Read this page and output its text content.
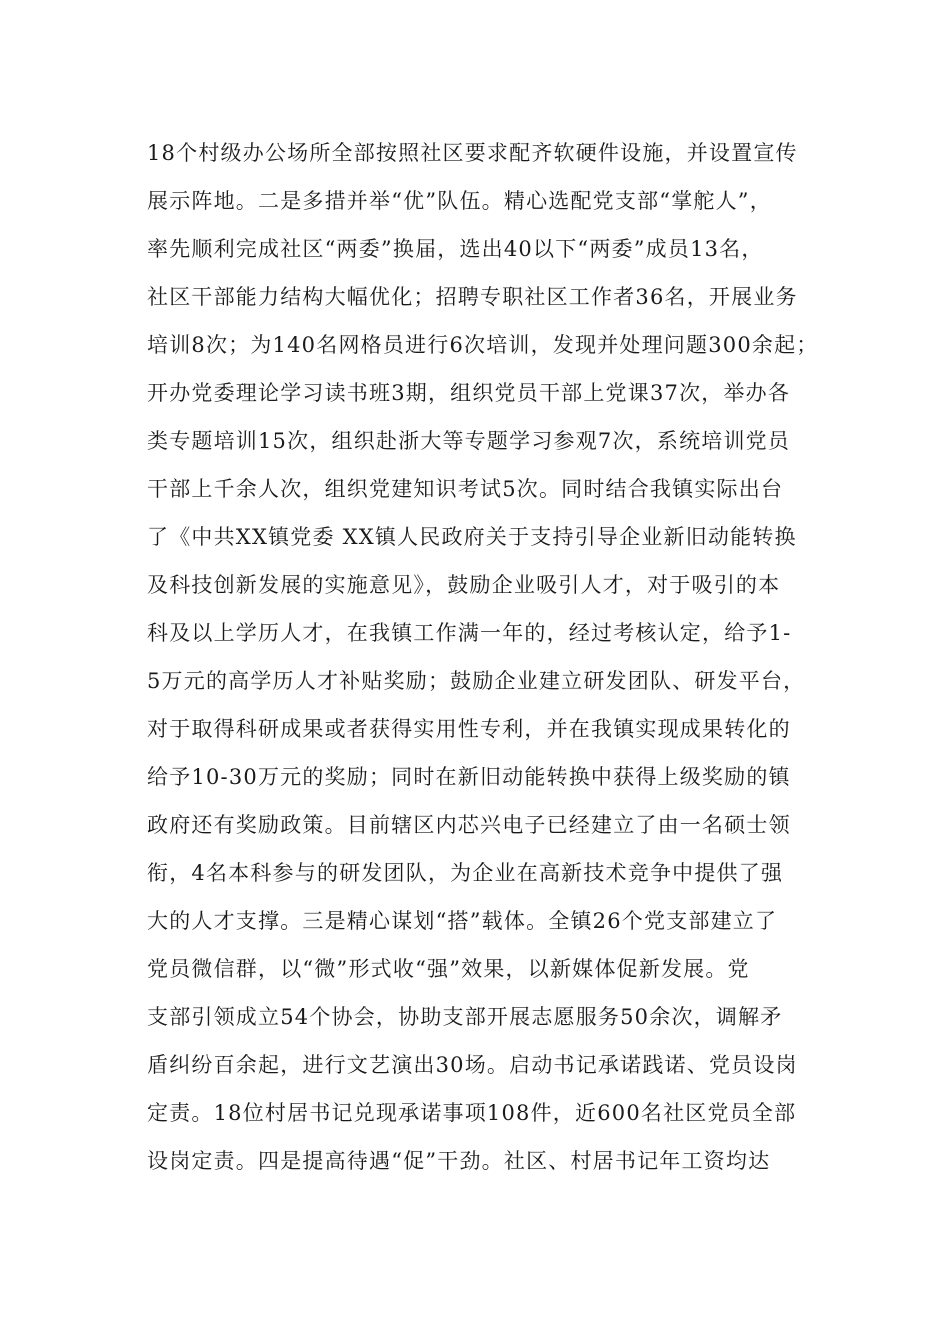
18个村级办公场所全部按照社区要求配齐软硬件设施，并设置宣传
展示阵地。二是多措并举“优”队伍。精心选配党支部“掌舵人”，
率先顺利完成社区“两委”换届，选出40以下“两委”成员13名，
社区干部能力结构大幅优化；招聘专职社区工作者36名，开展业务
培训8次；为140名网格员进行6次培训，发现并处理问题300余起；
开办党委理论学习读书班3期，组织党员干部上党课37次，举办各
类专题培训15次，组织赴浙大等专题学习参观7次，系统培训党员
干部上千余人次，组织党建知识考试5次。同时结合我镇实际出台
了《中共XX镇党委 XX镇人民政府关于支持引导企业新旧动能转换
及科技创新发展的实施意见》，鼓励企业吸引人才，对于吸引的本
科及以上学历人才，在我镇工作满一年的，经过考核认定，给予1-
5万元的高学历人才补贴奖励；鼓励企业建立研发团队、研发平台，
对于取得科研成果或者获得实用性专利，并在我镇实现成果转化的
给予10-30万元的奖励；同时在新旧动能转换中获得上级奖励的镇
政府还有奖励政策。目前辖区内芯兴电子已经建立了由一名硕士领
衔，4名本科参与的研发团队，为企业在高新技术竞争中提供了强
大的人才支撑。三是精心谋划“搭”载体。全镇26个党支部建立了
党员微信群，以“微”形式收“强”效果，以新媒体促新发展。党
支部引领成立54个协会，协助支部开展志愿服务50余次，调解矛
盾纠纷百余起，进行文艺演出30场。启动书记承诺践诺、党员设岗
定责。18位村居书记兑现承诺事项108件，近600名社区党员全部
设岗定责。四是提高待遇“促”干劲。社区、村居书记年工资均达
